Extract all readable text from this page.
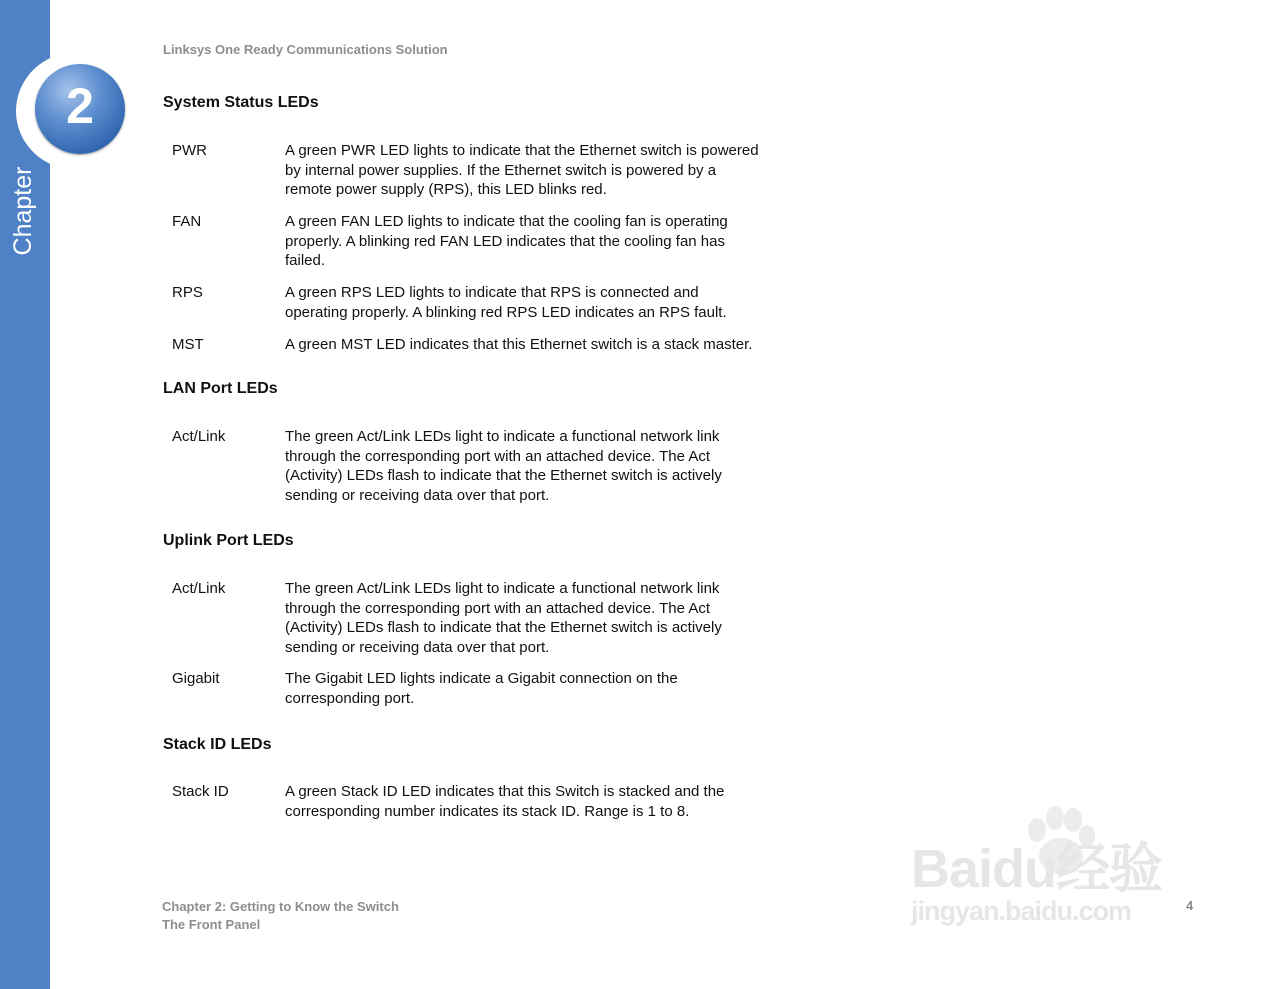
Chapter
2
Linksys One Ready Communications Solution
System Status LEDs
PWR	A green PWR LED lights to indicate that the Ethernet switch is powered by internal power supplies. If the Ethernet switch is powered by a remote power supply (RPS), this LED blinks red.
FAN	A green FAN LED lights to indicate that the cooling fan is operating properly. A blinking red FAN LED indicates that the cooling fan has failed.
RPS	A green RPS LED lights to indicate that RPS is connected and operating properly. A blinking red RPS LED indicates an RPS fault.
MST	A green MST LED indicates that this Ethernet switch is a stack master.
LAN Port LEDs
Act/Link	The green Act/Link LEDs light to indicate a functional network link through the corresponding port with an attached device. The Act (Activity) LEDs flash to indicate that the Ethernet switch is actively sending or receiving data over that port.
Uplink Port LEDs
Act/Link	The green Act/Link LEDs light to indicate a functional network link through the corresponding port with an attached device. The Act (Activity) LEDs flash to indicate that the Ethernet switch is actively sending or receiving data over that port.
Gigabit	The Gigabit LED lights indicate a Gigabit connection on the corresponding port.
Stack ID LEDs
Stack ID	A green Stack ID LED indicates that this Switch is stacked and the corresponding number indicates its stack ID. Range is 1 to 8.
Chapter 2: Getting to Know the Switch
The Front Panel
4
Baidu经验
jingyan.baidu.com
